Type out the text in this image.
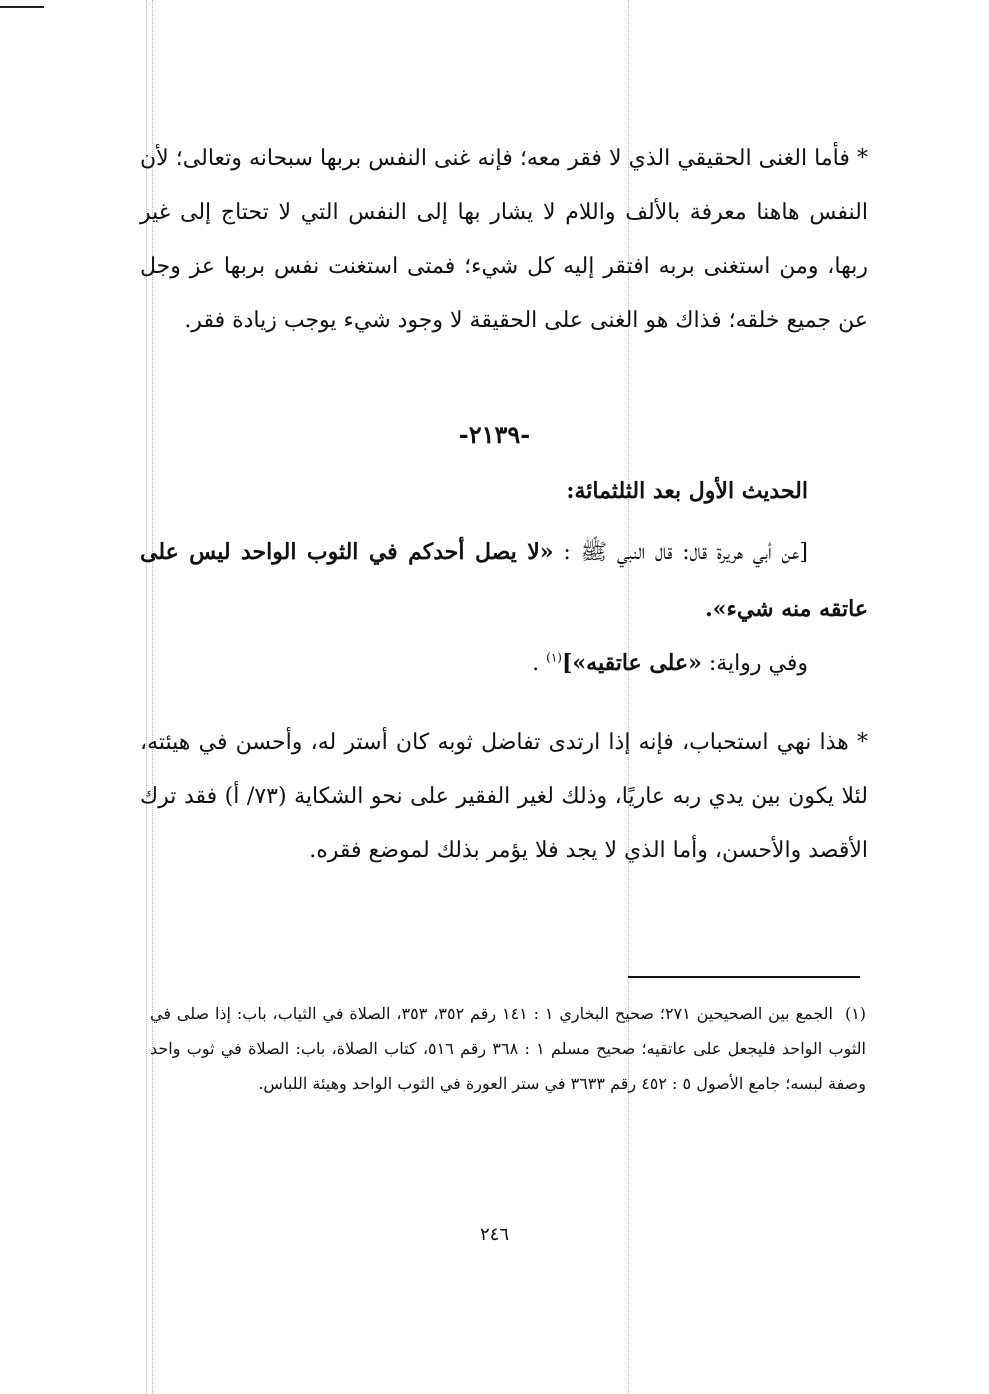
* فأما الغنى الحقيقي الذي لا فقر معه؛ فإنه غنى النفس بربها سبحانه وتعالى؛ لأن النفس هاهنا معرفة بالألف واللام لا يشار بها إلى النفس التي لا تحتاج إلى غير ربها، ومن استغنى بربه افتقر إليه كل شيء؛ فمتى استغنت نفس بربها عز وجل عن جميع خلقه؛ فذاك هو الغنى على الحقيقة لا وجود شيء يوجب زيادة فقر.

-٢١٣٩-

الحديث الأول بعد الثلثمائة:

[عن أبي هريرة قال: قال النبي ﷺ : «لا يصل أحدكم في الثوب الواحد ليس على عاتقه منه شيء».

وفي رواية: «على عاتقيه»]$^{(١)}$ .

* هذا نهي استحباب، فإنه إذا ارتدى تفاضل ثوبه كان أستر له، وأحسن في هيئته، لئلا يكون بين يدي ربه عاريًا، وذلك لغير الفقير على نحو الشكاية (٧٣/ أ) فقد ترك الأقصد والأحسن، وأما الذي لا يجد فلا يؤمر بذلك لموضع فقره.

(١)الجمع بين الصحيحين ٢٧١؛ صحيح البخاري ١ : ١٤١ رقم ٣٥٢، ٣٥٣، الصلاة في الثياب، باب: إذا صلى في الثوب الواحد فليجعل على عاتقيه؛ صحيح مسلم ١ : ٣٦٨ رقم ٥١٦، كتاب الصلاة، باب: الصلاة في ثوب واحد وصفة لبسه؛ جامع الأصول ٥ : ٤٥٢ رقم ٣٦٣٣ في ستر العورة في الثوب الواحد وهيئة اللباس.
٢٤٦
